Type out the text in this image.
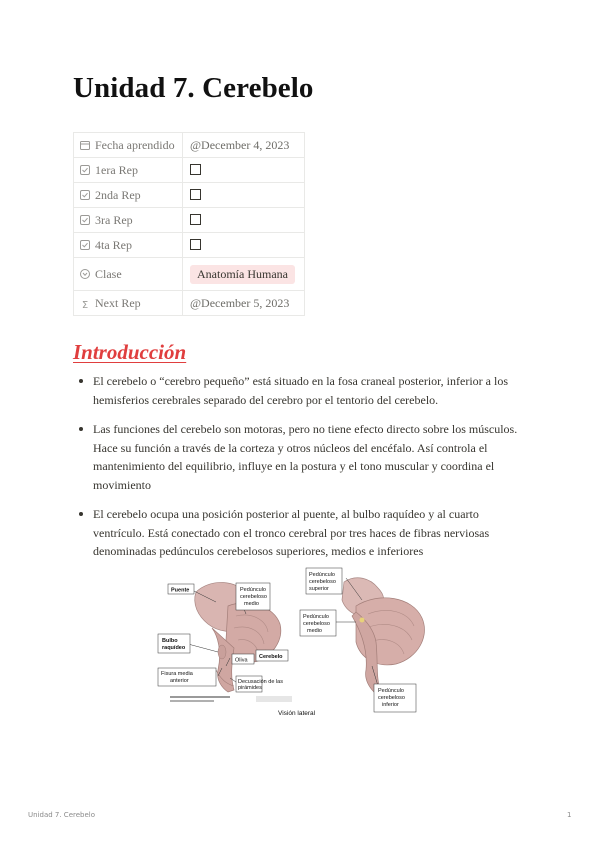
Unidad 7. Cerebelo
Fecha aprendido	@December 4, 2023

1era Rep	

2nda Rep	

3ra Rep	

4ta Rep	

Clase	Anatomía Humana
Σ Next Rep	@December 5, 2023
Introducción
El cerebelo o “cerebro pequeño” está situado en la fosa craneal posterior, inferior a los hemisferios cerebrales separado del cerebro por el tentorio del cerebelo.
Las funciones del cerebelo son motoras, pero no tiene efecto directo sobre los músculos. Hace su función a través de la corteza y otros núcleos del encéfalo. Así controla el mantenimiento del equilibrio, influye en la postura y el tono muscular y coordina el movimiento
El cerebelo ocupa una posición posterior al puente, al bulbo raquídeo y al cuarto ventrículo. Está conectado con el tronco cerebral por tres haces de fibras nerviosas denominadas pedúnculos cerebelosos superiores, medios e inferiores
Puente	Pedúnculo
cerebeloso
medio
Bulbo
raquídeo
Oliva
Cerebelo
Fisura media
anterior	Decusación de las
pirámides
Pedúnculo
cerebeloso
superior
Pedúnculo
cerebeloso
medio
Pedúnculo
cerebeloso
inferior
Visión lateral
Unidad 7. Cerebelo	1
